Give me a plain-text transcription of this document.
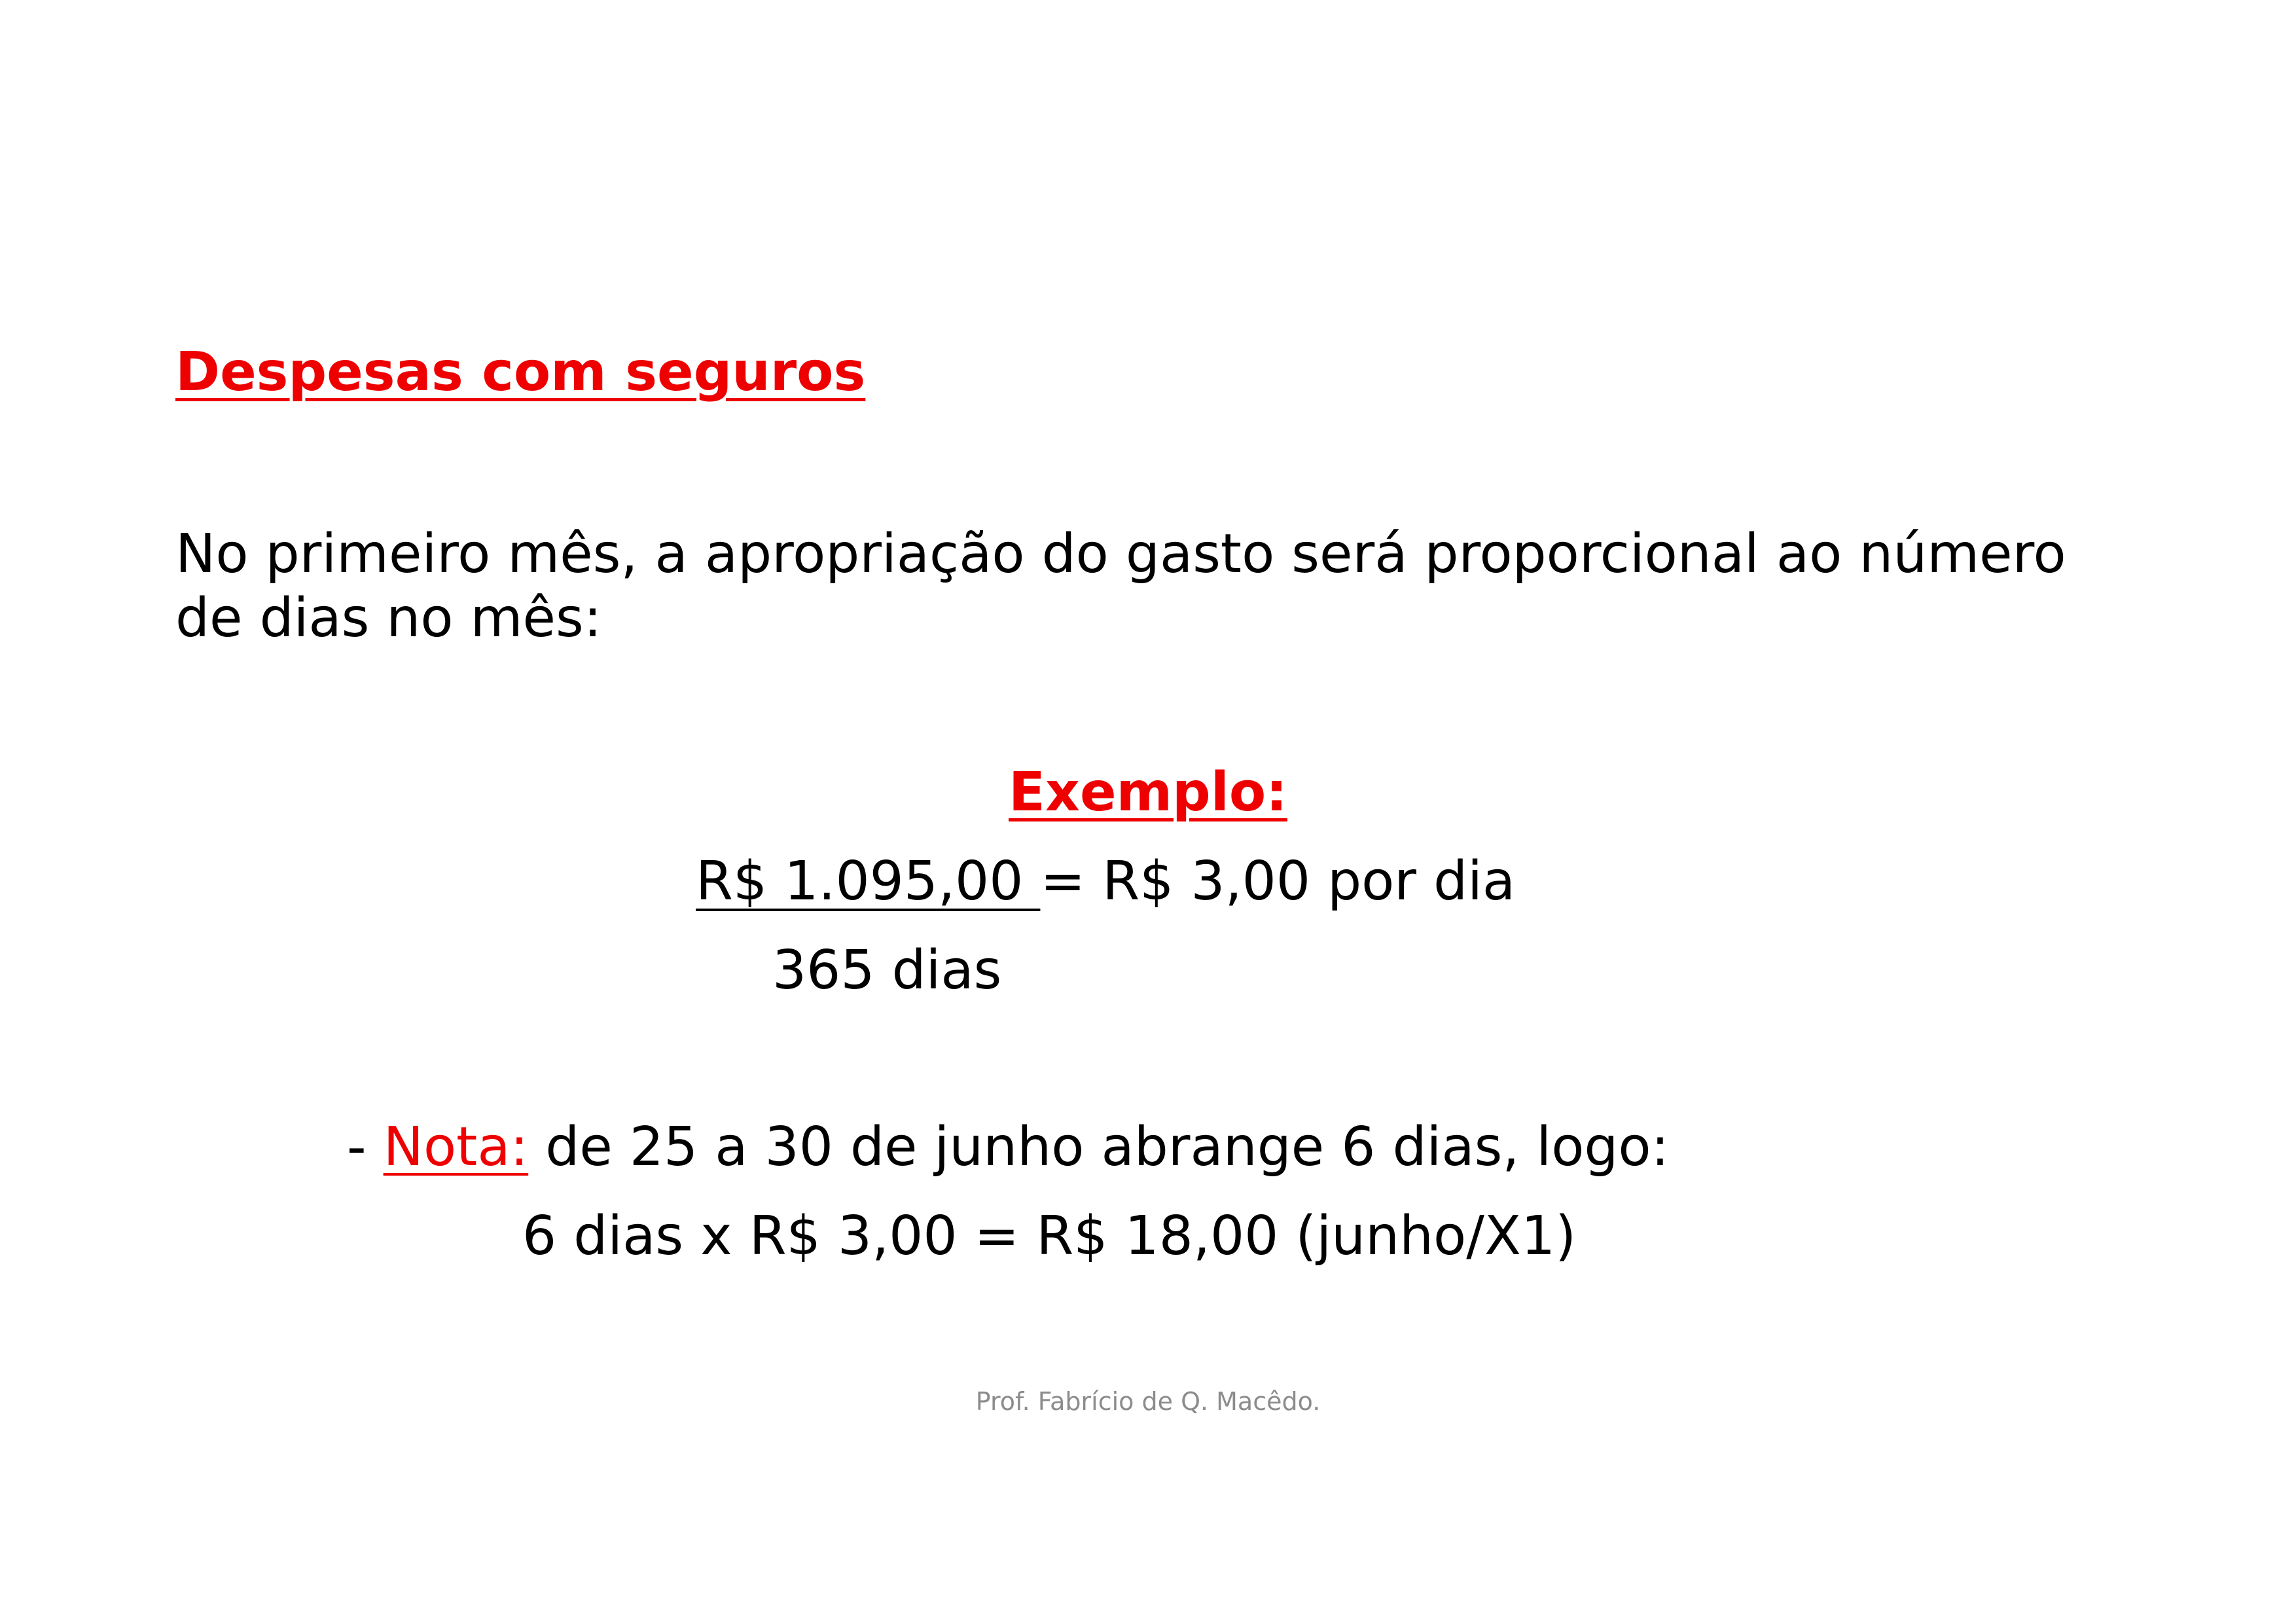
Despesas com seguros
No primeiro mês, a apropriação do gasto será proporcional ao número
de dias no mês:
Exemplo:
R$ 1.095,00 = R$ 3,00 por dia
365 dias
- Nota: de 25 a 30 de junho abrange 6 dias, logo:
6 dias x R$ 3,00 = R$ 18,00 (junho/X1)
Prof. Fabrício de Q. Macêdo.
